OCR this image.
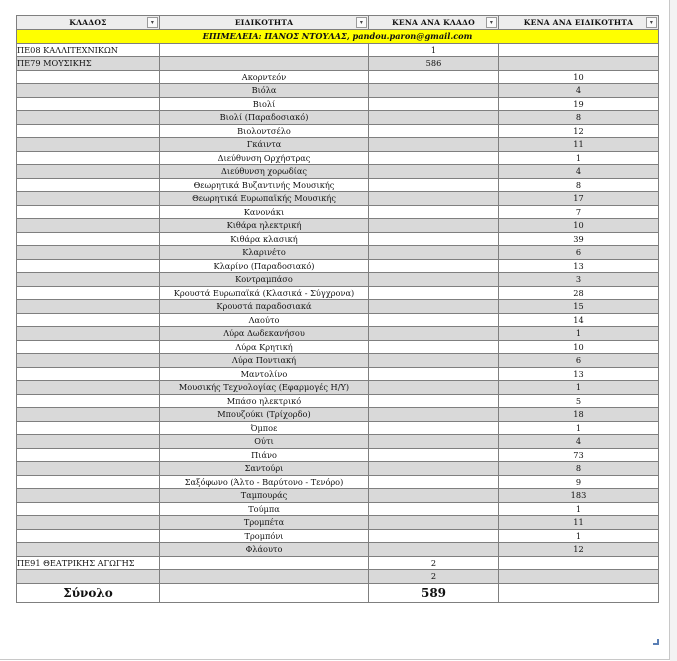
ΚΛΑΔΟΣ ▾	ΕΙΔΙΚΟΤΗΤΑ ▾	ΚΕΝΑ ΑΝΑ ΚΛΑΔΟ ▾	ΚΕΝΑ ΑΝΑ ΕΙΔΙΚΟΤΗΤΑ ▾

ΕΠΙΜΕΛΕΙΑ: ΠΑΝΟΣ ΝΤΟΥΛΑΣ, pandou.paron@gmail.com			
ΠΕ08 ΚΑΛΛΙΤΕΧΝΙΚΩΝ		1	
ΠΕ79 ΜΟΥΣΙΚΗΣ		586	
	Ακορντεόν		10
	Βιόλα		4
	Βιολί		19
	Βιολί (Παραδοσιακό)		8
	Βιολοντσέλο		12
	Γκάιντα		11
	Διεύθυνση Ορχήστρας		1
	Διεύθυνση χορωδίας		4
	Θεωρητικά Βυζαντινής Μουσικής		8
	Θεωρητικά Ευρωπαϊκής Μουσικής		17
	Κανονάκι		7
	Κιθάρα ηλεκτρική		10
	Κιθάρα κλασική		39
	Κλαρινέτο		6
	Κλαρίνο (Παραδοσιακό)		13
	Κοντραμπάσο		3
	Κρουστά Ευρωπαϊκά (Κλασικά - Σύγχρονα)		28
	Κρουστά παραδοσιακά		15
	Λαούτο		14
	Λύρα Δωδεκανήσου		1
	Λύρα Κρητική		10
	Λύρα Ποντιακή		6
	Μαντολίνο		13
	Μουσικής Τεχνολογίας (Εφαρμογές Η/Υ)		1
	Μπάσο ηλεκτρικό		5
	Μπουζούκι (Τρίχορδο)		18
	Όμποε		1
	Ούτι		4
	Πιάνο		73
	Σαντούρι		8
	Σαξόφωνο (Άλτο - Βαρύτονο - Τενόρο)		9
	Ταμπουράς		183
	Τούμπα		1
	Τρομπέτα		11
	Τρομπόνι		1
	Φλάουτο		12
ΠΕ91 ΘΕΑΤΡΙΚΗΣ ΑΓΩΓΗΣ		2	
		2	
Σύνολο		589	
